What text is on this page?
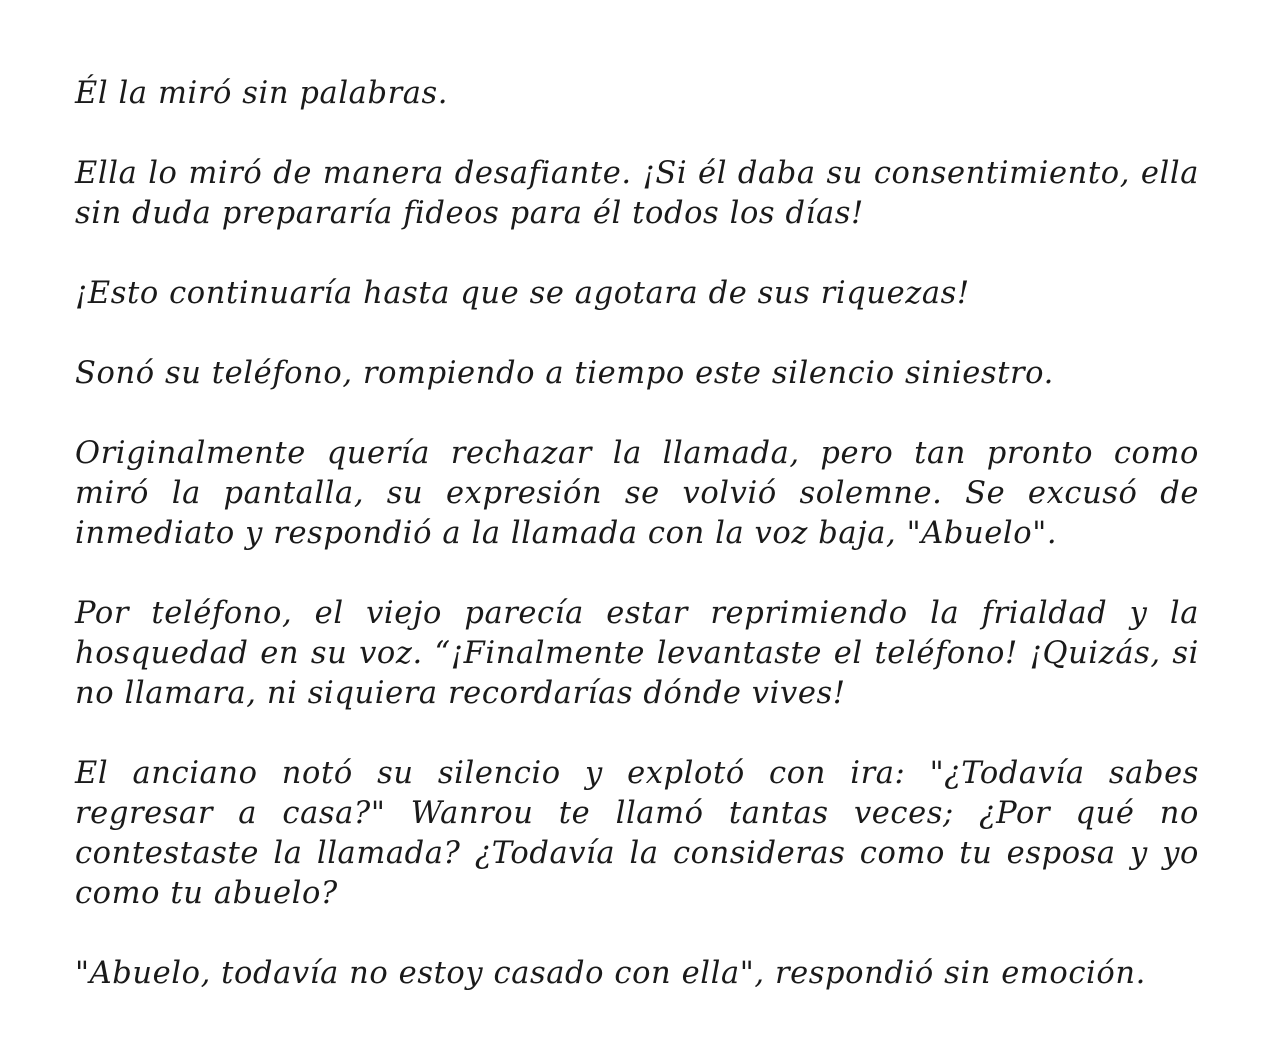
Él la miró sin palabras.

Ella lo miró de manera desafiante. ¡Si él daba su consentimiento, ella sin duda prepararía fideos para él todos los días!

¡Esto continuaría hasta que se agotara de sus riquezas!

Sonó su teléfono, rompiendo a tiempo este silencio siniestro.

Originalmente quería rechazar la llamada, pero tan pronto como miró la pantalla, su expresión se volvió solemne. Se excusó de inmediato y respondió a la llamada con la voz baja, "Abuelo".

Por teléfono, el viejo parecía estar reprimiendo la frialdad y la hosquedad en su voz. “¡Finalmente levantaste el teléfono! ¡Quizás, si no llamara, ni siquiera recordarías dónde vives!

El anciano notó su silencio y explotó con ira: "¿Todavía sabes regresar a casa?" Wanrou te llamó tantas veces; ¿Por qué no contestaste la llamada? ¿Todavía la consideras como tu esposa y yo como tu abuelo?

"Abuelo, todavía no estoy casado con ella", respondió sin emoción.
